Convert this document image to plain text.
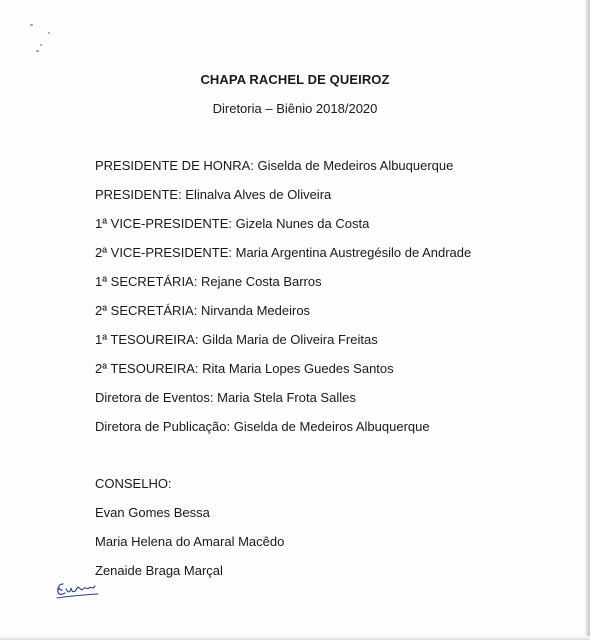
CHAPA RACHEL DE QUEIROZ
Diretoria – Biênio 2018/2020
PRESIDENTE DE HONRA: Giselda de Medeiros Albuquerque
PRESIDENTE: Elinalva Alves de Oliveira
1ª VICE-PRESIDENTE: Gizela Nunes da Costa
2ª VICE-PRESIDENTE: Maria Argentina Austregésilo de Andrade
1ª SECRETÁRIA: Rejane Costa Barros
2ª SECRETÁRIA: Nirvanda Medeiros
1ª TESOUREIRA: Gilda Maria de Oliveira Freitas
2ª TESOUREIRA: Rita Maria Lopes Guedes Santos
Diretora de Eventos: Maria Stela Frota Salles
Diretora de Publicação: Giselda de Medeiros Albuquerque
CONSELHO:
Evan Gomes Bessa
Maria Helena do Amaral Macêdo
Zenaide Braga Marçal
